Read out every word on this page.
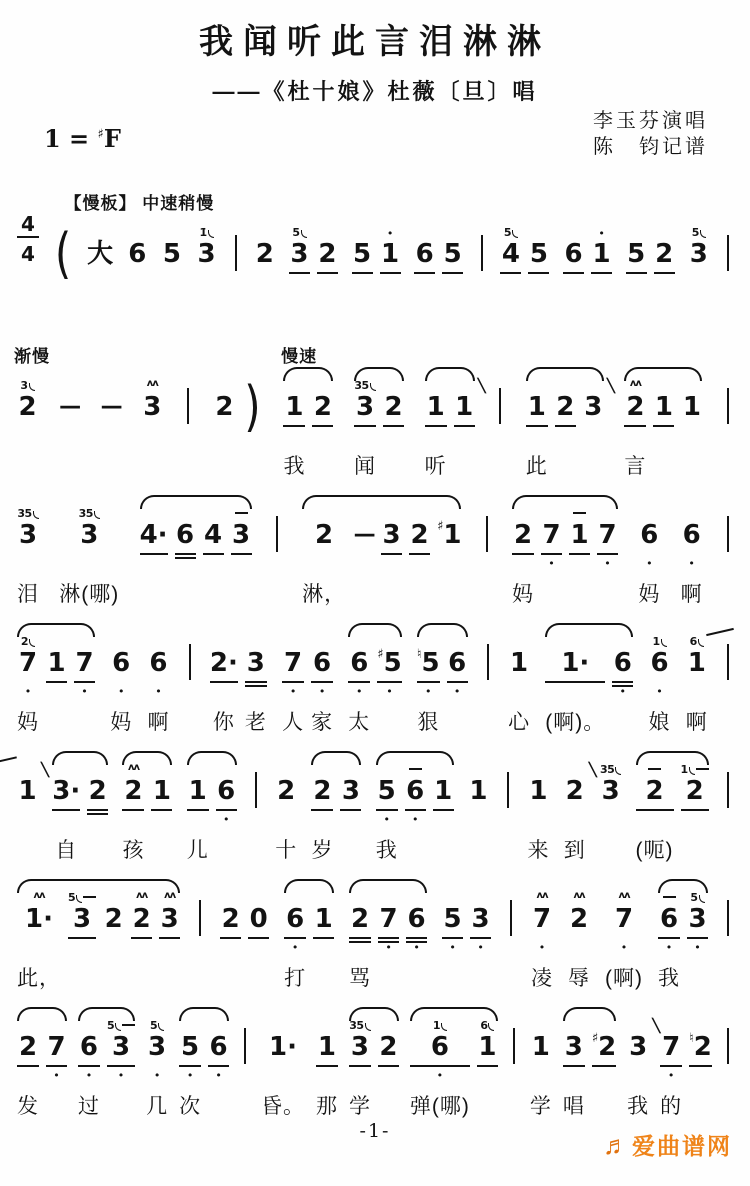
我闻听此言泪淋淋
——《杜十娘》杜薇〔旦〕唱
1 = ♯F
李玉芬演唱
陈　钧记谱
【慢板】 中速稍慢
4
4 ( 大 6 5
1̇
3 2
5
3 2 5
•
1 6 5
5
4 5 6
•
1 5 2
5
3
渐慢	慢速
3
2 — —
ʌʌ
3 2 ) 1
我
2
35
3
闻
2 1
听
1
╲
1
此
2 3
╲ ʌʌ
2
言
1 1
35
3
泪
35
3
淋(哪)
4· 6 4 3 2
淋，
— 3 2 ♯ 1 2
妈
7
•
1 7
•
6
•
妈
6
•
啊
2
7
•
妈
1 7
•
6
•
妈
6
•
啊
2·
你
3
老
7
•
人
6
•
家
6
•
太
♯ 5
•
♮ 5
•
狠
6
•
1
心
1·
(啊)。
6
•
1
6
•
娘
6
1
啊
1
╲
3·
自
2
ʌʌ
2
孩
1 1
儿
6
•
2
十
2
岁
3 5
•
我
6
•
1 1 1
来
2
到
╲ 35
3 2
(呃)
1
2
ʌʌ
1·
此，
5
3 2
ʌʌ
2
ʌʌ
3 2 0 6
•
打
1 2
骂
7
•
6
•
5
•
3
•
ʌʌ
7
•
凌
ʌʌ
2
辱
ʌʌ
7
•
(啊)
6
•
我
5
3
•
2
发
7
•
6
•
过
5
3
•
5
3
•
几
5
•
次
6
•
1·
昏。
1
那
35
3
学
2
1
6
•
弹(哪)
6
1 1
学
3
唱
♯ 2 3
我
╲
7
•
的
♮ 2
-1-	♬ 爱曲谱网
